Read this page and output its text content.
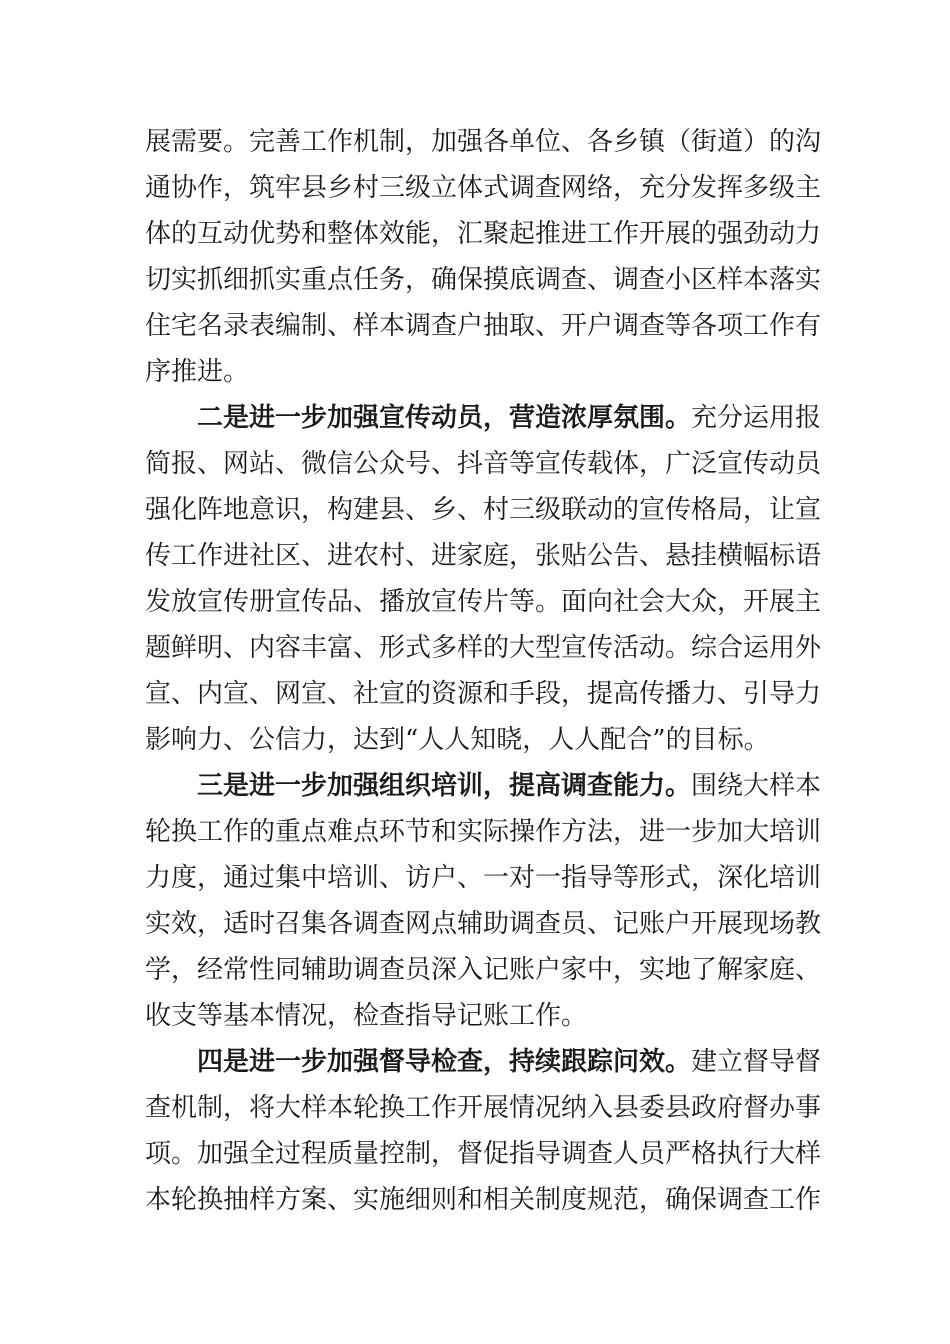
展需要。完善工作机制，加强各单位、各乡镇（街道）的沟
通协作，筑牢县乡村三级立体式调查网络，充分发挥多级主
体的互动优势和整体效能，汇聚起推进工作开展的强劲动力
切实抓细抓实重点任务，确保摸底调查、调查小区样本落实
住宅名录表编制、样本调查户抽取、开户调查等各项工作有
序推进。
二是进一步加强宣传动员，营造浓厚氛围。充分运用报
简报、网站、微信公众号、抖音等宣传载体，广泛宣传动员
强化阵地意识，构建县、乡、村三级联动的宣传格局，让宣
传工作进社区、进农村、进家庭，张贴公告、悬挂横幅标语
发放宣传册宣传品、播放宣传片等。面向社会大众，开展主
题鲜明、内容丰富、形式多样的大型宣传活动。综合运用外
宣、内宣、网宣、社宣的资源和手段，提高传播力、引导力
影响力、公信力，达到“人人知晓，人人配合”的目标。
三是进一步加强组织培训，提高调查能力。围绕大样本
轮换工作的重点难点环节和实际操作方法，进一步加大培训
力度，通过集中培训、访户、一对一指导等形式，深化培训
实效，适时召集各调查网点辅助调查员、记账户开展现场教
学，经常性同辅助调查员深入记账户家中，实地了解家庭、
收支等基本情况，检查指导记账工作。
四是进一步加强督导检查，持续跟踪问效。建立督导督
查机制，将大样本轮换工作开展情况纳入县委县政府督办事
项。加强全过程质量控制，督促指导调查人员严格执行大样
本轮换抽样方案、实施细则和相关制度规范，确保调查工作
